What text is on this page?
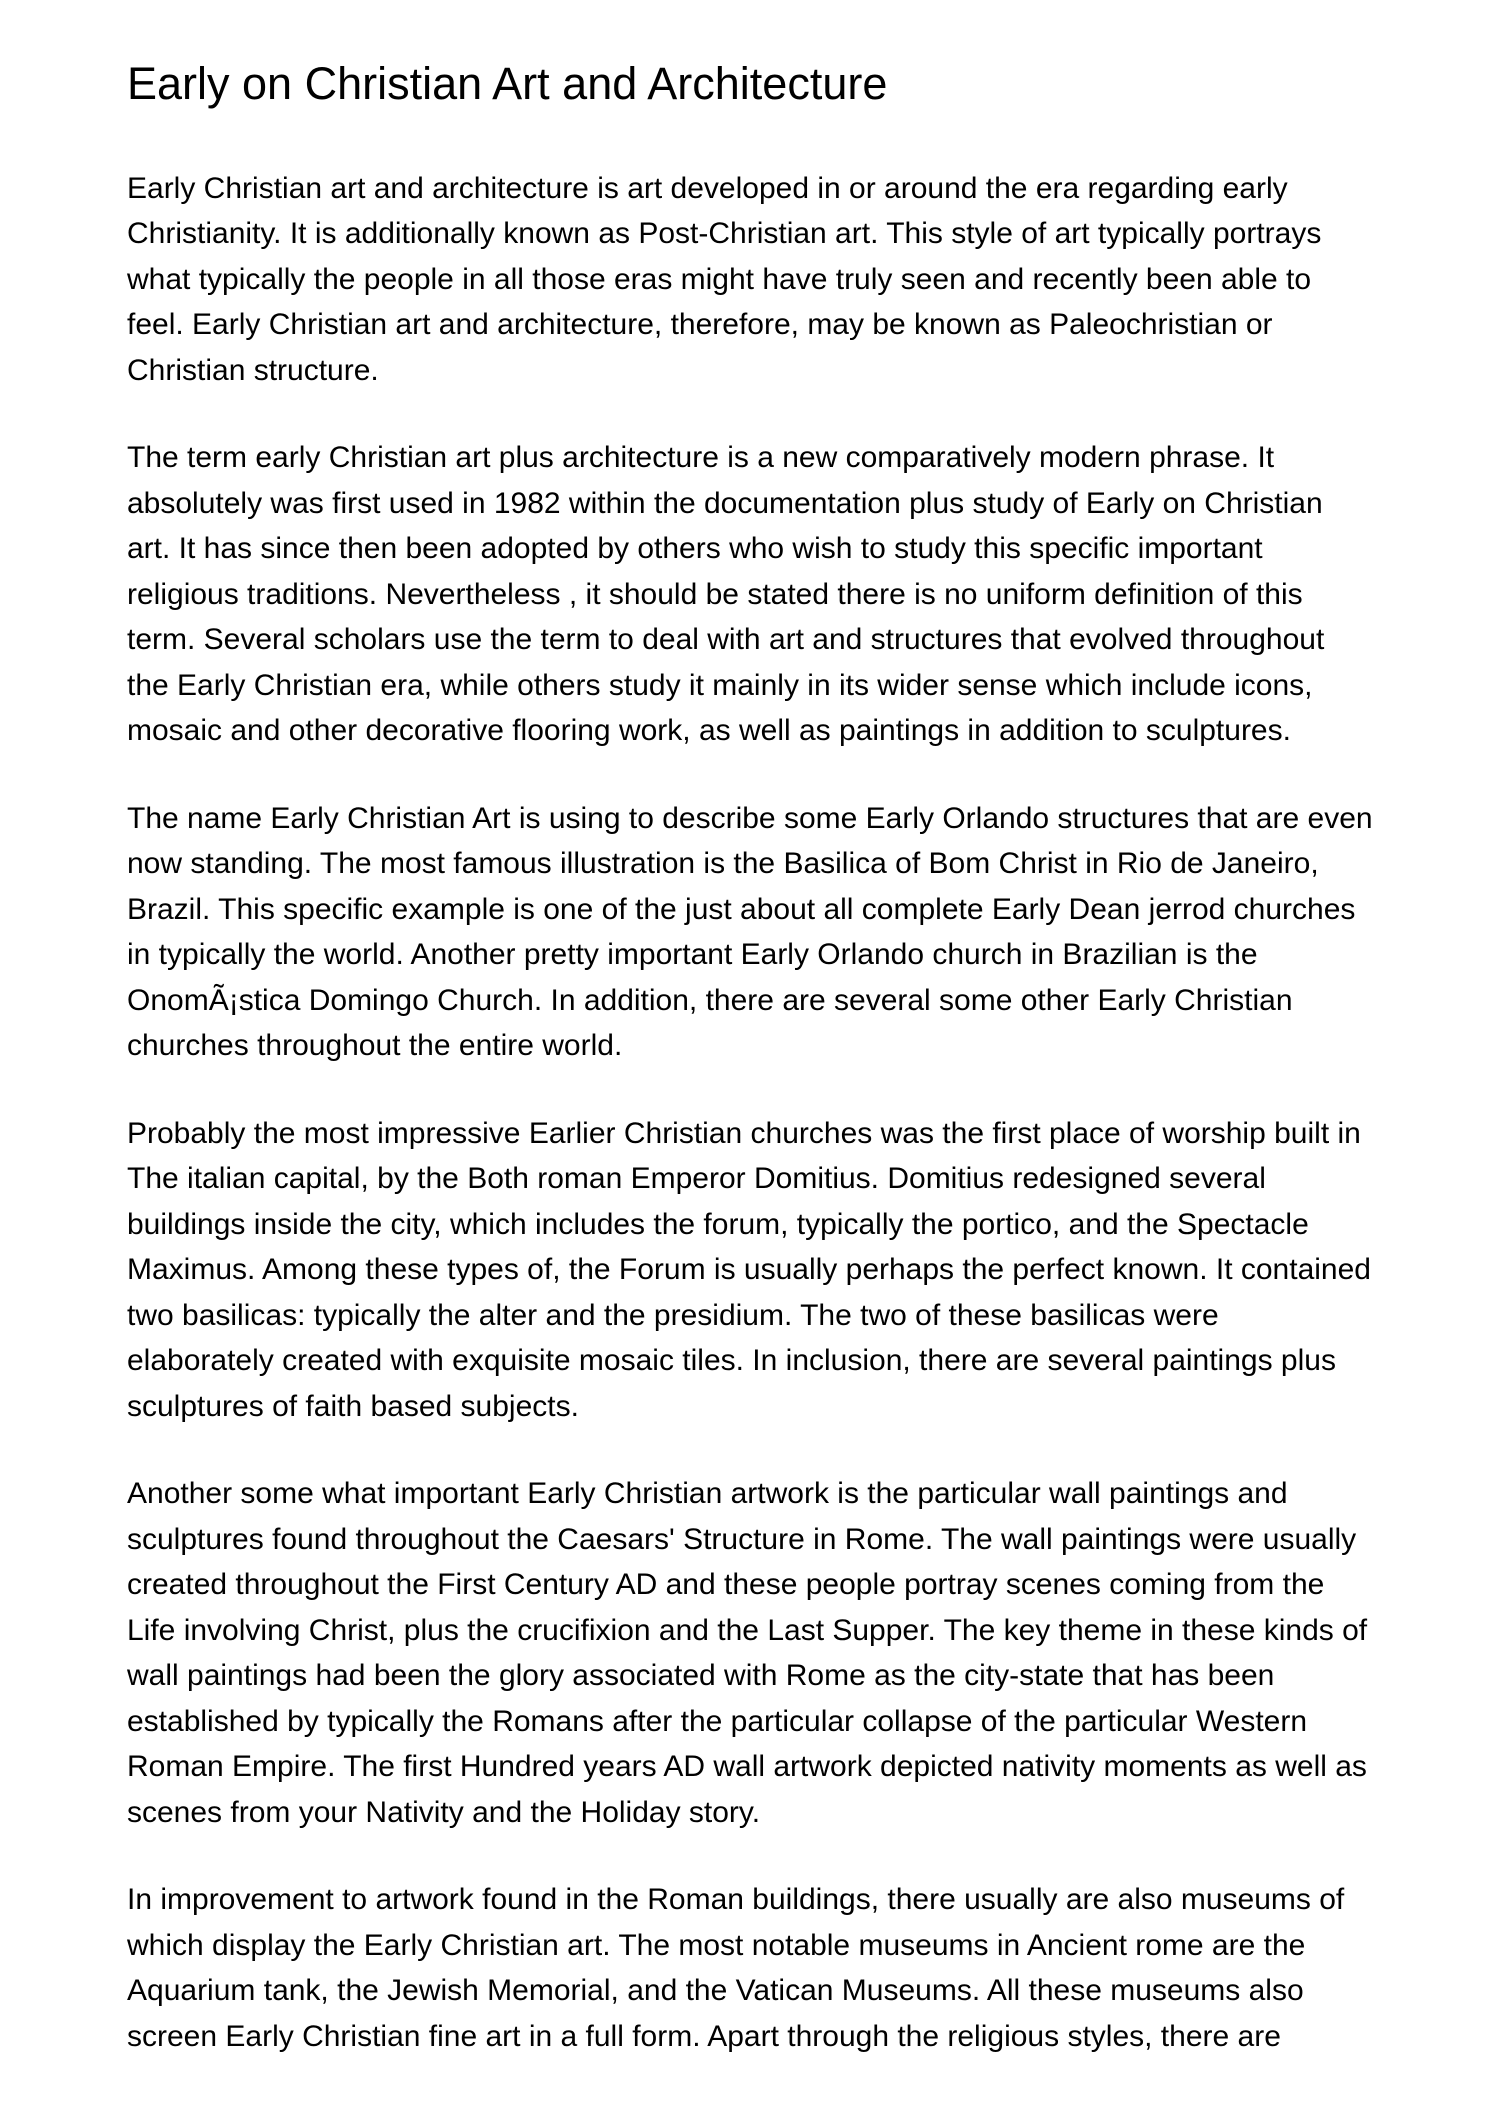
Early on Christian Art and Architecture

Early Christian art and architecture is art developed in or around the era regarding early Christianity. It is additionally known as Post-Christian art. This style of art typically portrays what typically the people in all those eras might have truly seen and recently been able to feel. Early Christian art and architecture, therefore, may be known as Paleochristian or Christian structure.

The term early Christian art plus architecture is a new comparatively modern phrase. It absolutely was first used in 1982 within the documentation plus study of Early on Christian art. It has since then been adopted by others who wish to study this specific important religious traditions. Nevertheless , it should be stated there is no uniform definition of this term. Several scholars use the term to deal with art and structures that evolved throughout the Early Christian era, while others study it mainly in its wider sense which include icons, mosaic and other decorative flooring work, as well as paintings in addition to sculptures.

The name Early Christian Art is using to describe some Early Orlando structures that are even now standing. The most famous illustration is the Basilica of Bom Christ in Rio de Janeiro, Brazil. This specific example is one of the just about all complete Early Dean jerrod churches in typically the world. Another pretty important Early Orlando church in Brazilian is the OnomÃ¡stica Domingo Church. In addition, there are several some other Early Christian churches throughout the entire world.

Probably the most impressive Earlier Christian churches was the first place of worship built in The italian capital, by the Both roman Emperor Domitius. Domitius redesigned several buildings inside the city, which includes the forum, typically the portico, and the Spectacle Maximus. Among these types of, the Forum is usually perhaps the perfect known. It contained two basilicas: typically the alter and the presidium. The two of these basilicas were elaborately created with exquisite mosaic tiles. In inclusion, there are several paintings plus sculptures of faith based subjects.

Another some what important Early Christian artwork is the particular wall paintings and sculptures found throughout the Caesars' Structure in Rome. The wall paintings were usually created throughout the First Century AD and these people portray scenes coming from the Life involving Christ, plus the crucifixion and the Last Supper. The key theme in these kinds of wall paintings had been the glory associated with Rome as the city-state that has been established by typically the Romans after the particular collapse of the particular Western Roman Empire. The first Hundred years AD wall artwork depicted nativity moments as well as scenes from your Nativity and the Holiday story.

In improvement to artwork found in the Roman buildings, there usually are also museums of which display the Early Christian art. The most notable museums in Ancient rome are the Aquarium tank, the Jewish Memorial, and the Vatican Museums. All these museums also screen Early Christian fine art in a full form. Apart through the religious styles, there are
